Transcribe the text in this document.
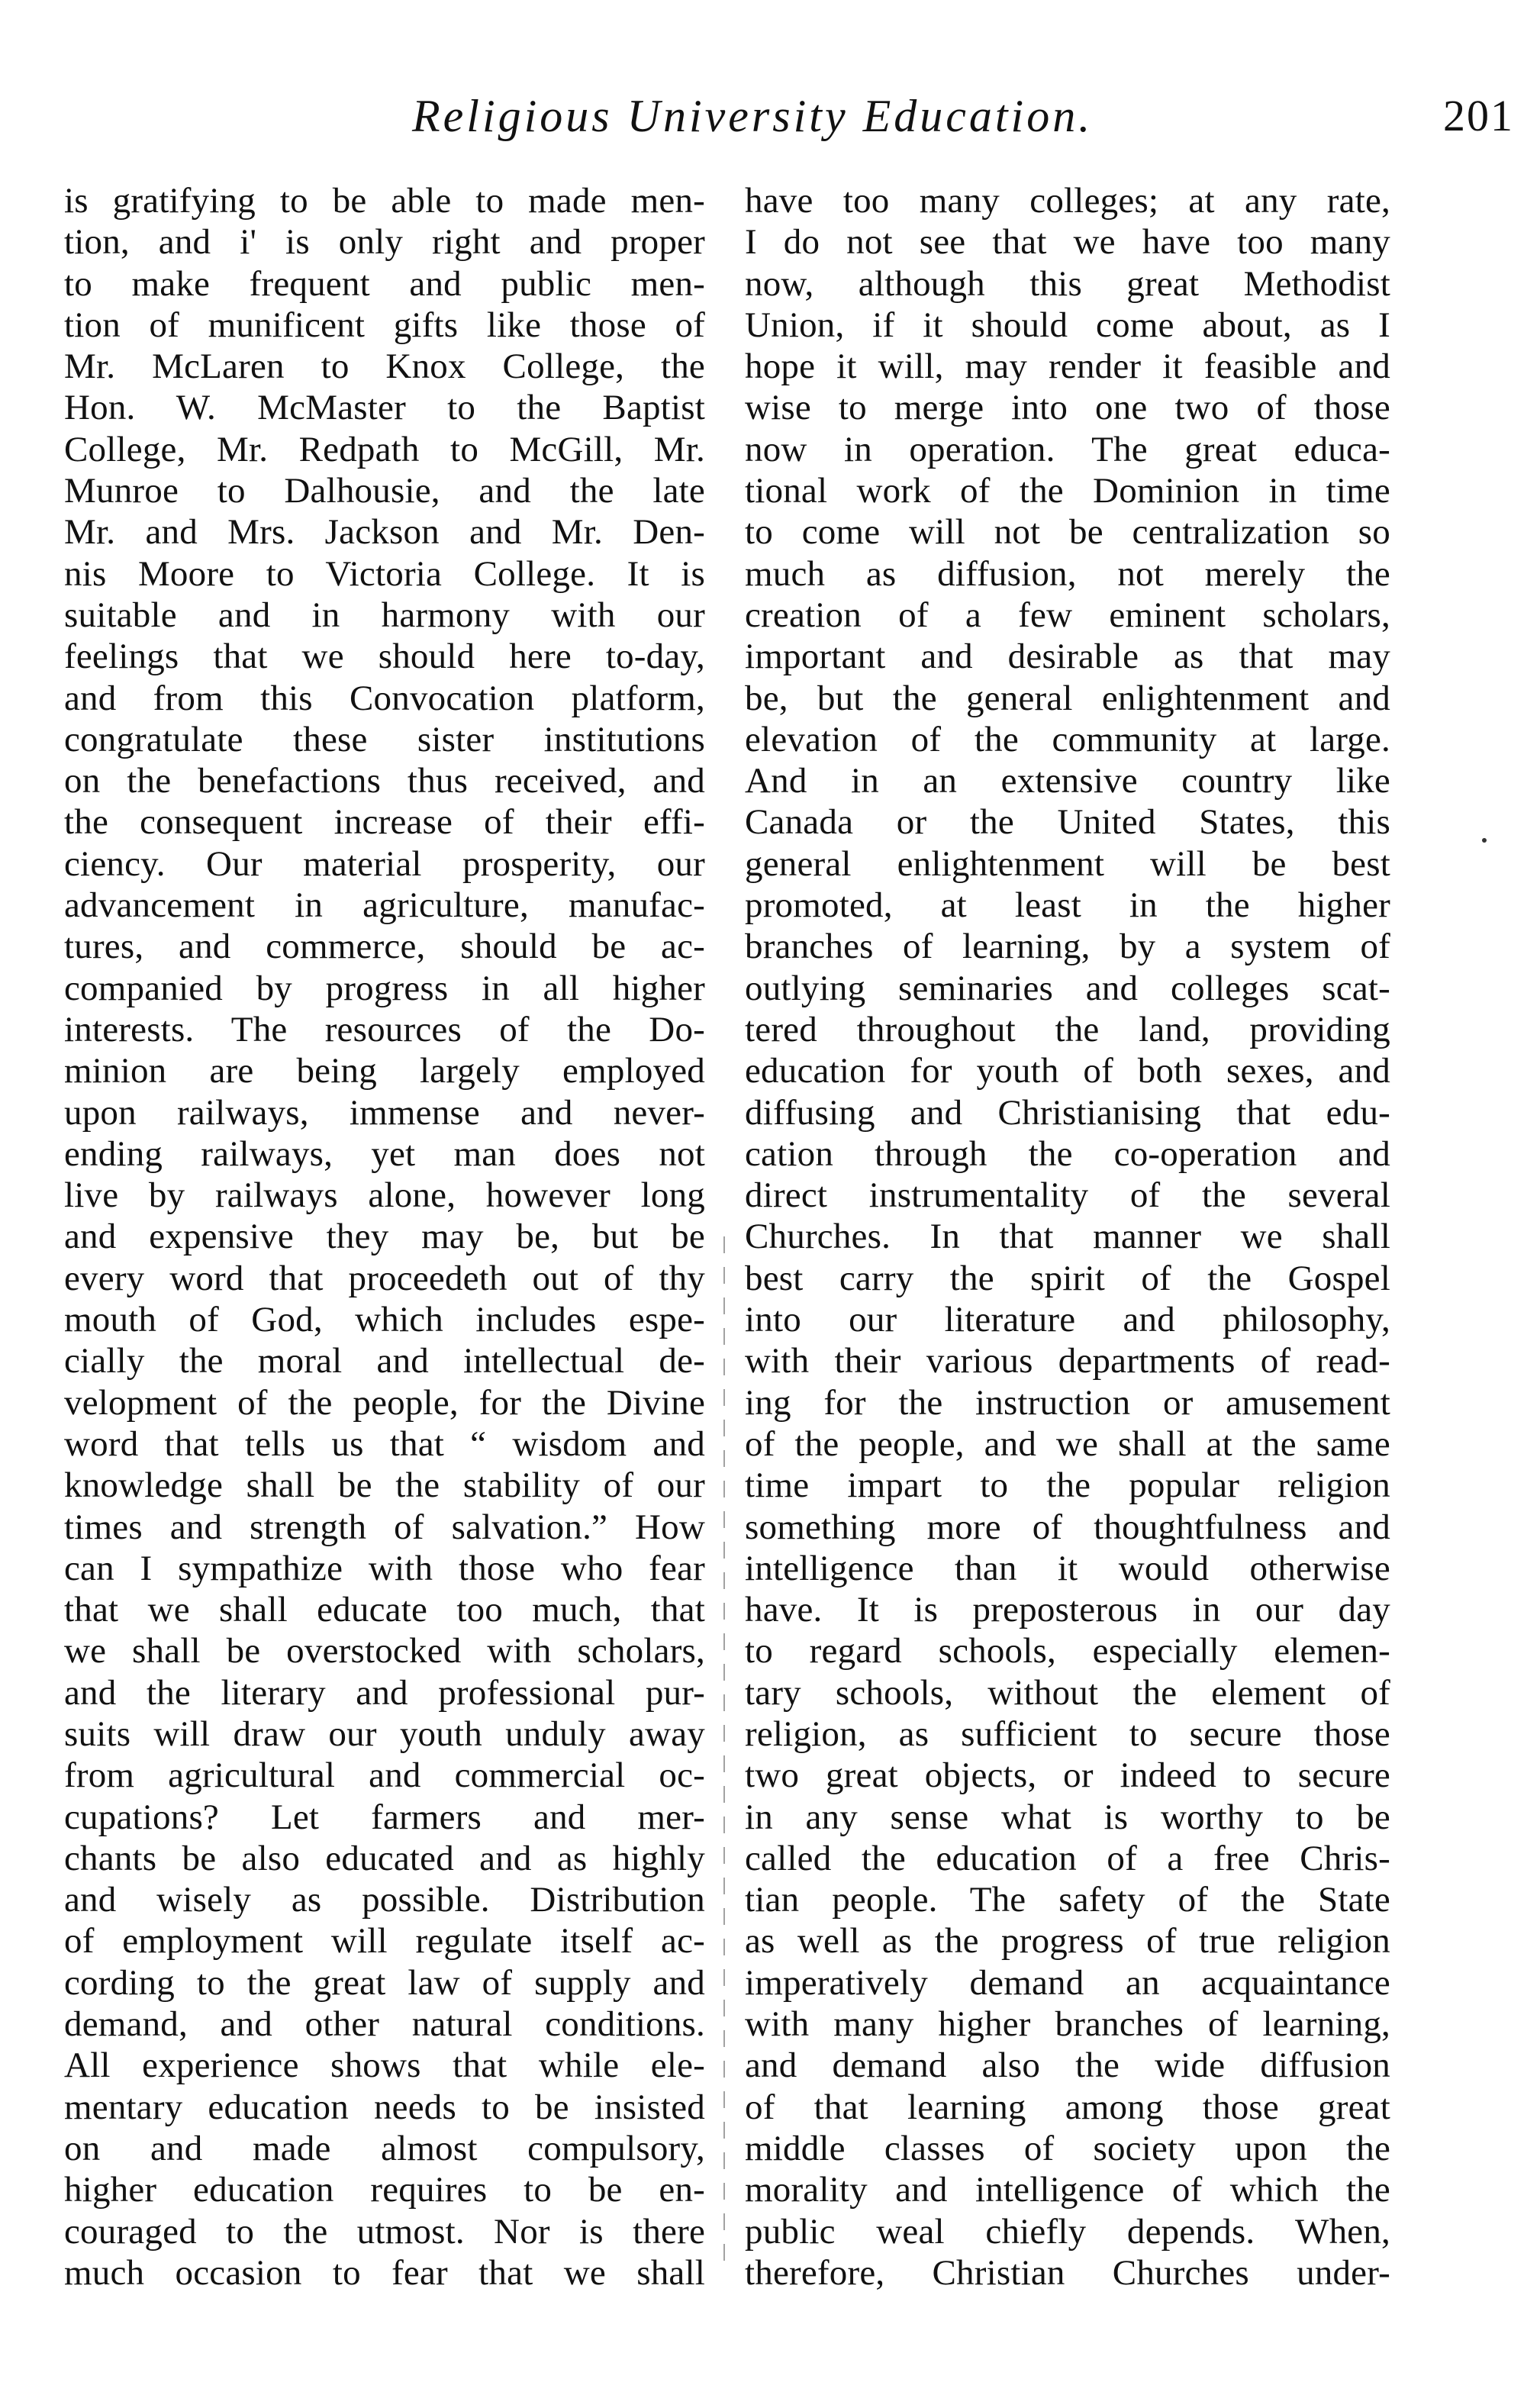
Religious University Education.	201
is gratifying to be able to made men-
tion, and i' is only right and proper
to make frequent and public men-
tion of munificent gifts like those of
Mr. McLaren to Knox College, the
Hon. W. McMaster to the Baptist
College, Mr. Redpath to McGill, Mr.
Munroe to Dalhousie, and the late
Mr. and Mrs. Jackson and Mr. Den-
nis Moore to Victoria College. It is
suitable and in harmony with our
feelings that we should here to-day,
and from this Convocation platform,
congratulate these sister institutions
on the benefactions thus received, and
the consequent increase of their effi-
ciency. Our material prosperity, our
advancement in agriculture, manufac-
tures, and commerce, should be ac-
companied by progress in all higher
interests. The resources of the Do-
minion are being largely employed
upon railways, immense and never-
ending railways, yet man does not
live by railways alone, however long
and expensive they may be, but be
every word that proceedeth out of thy
mouth of God, which includes espe-
cially the moral and intellectual de-
velopment of the people, for the Divine
word that tells us that “ wisdom and
knowledge shall be the stability of our
times and strength of salvation.” How
can I sympathize with those who fear
that we shall educate too much, that
we shall be overstocked with scholars,
and the literary and professional pur-
suits will draw our youth unduly away
from agricultural and commercial oc-
cupations? Let farmers and mer-
chants be also educated and as highly
and wisely as possible. Distribution
of employment will regulate itself ac-
cording to the great law of supply and
demand, and other natural conditions.
All experience shows that while ele-
mentary education needs to be insisted
on and made almost compulsory,
higher education requires to be en-
couraged to the utmost. Nor is there
much occasion to fear that we shall
have too many colleges; at any rate,
I do not see that we have too many
now, although this great Methodist
Union, if it should come about, as I
hope it will, may render it feasible and
wise to merge into one two of those
now in operation. The great educa-
tional work of the Dominion in time
to come will not be centralization so
much as diffusion, not merely the
creation of a few eminent scholars,
important and desirable as that may
be, but the general enlightenment and
elevation of the community at large.
And in an extensive country like
Canada or the United States, this
general enlightenment will be best
promoted, at least in the higher
branches of learning, by a system of
outlying seminaries and colleges scat-
tered throughout the land, providing
education for youth of both sexes, and
diffusing and Christianising that edu-
cation through the co-operation and
direct instrumentality of the several
Churches. In that manner we shall
best carry the spirit of the Gospel
into our literature and philosophy,
with their various departments of read-
ing for the instruction or amusement
of the people, and we shall at the same
time impart to the popular religion
something more of thoughtfulness and
intelligence than it would otherwise
have. It is preposterous in our day
to regard schools, especially elemen-
tary schools, without the element of
religion, as sufficient to secure those
two great objects, or indeed to secure
in any sense what is worthy to be
called the education of a free Chris-
tian people. The safety of the State
as well as the progress of true religion
imperatively demand an acquaintance
with many higher branches of learning,
and demand also the wide diffusion
of that learning among those great
middle classes of society upon the
morality and intelligence of which the
public weal chiefly depends. When,
therefore, Christian Churches under-
